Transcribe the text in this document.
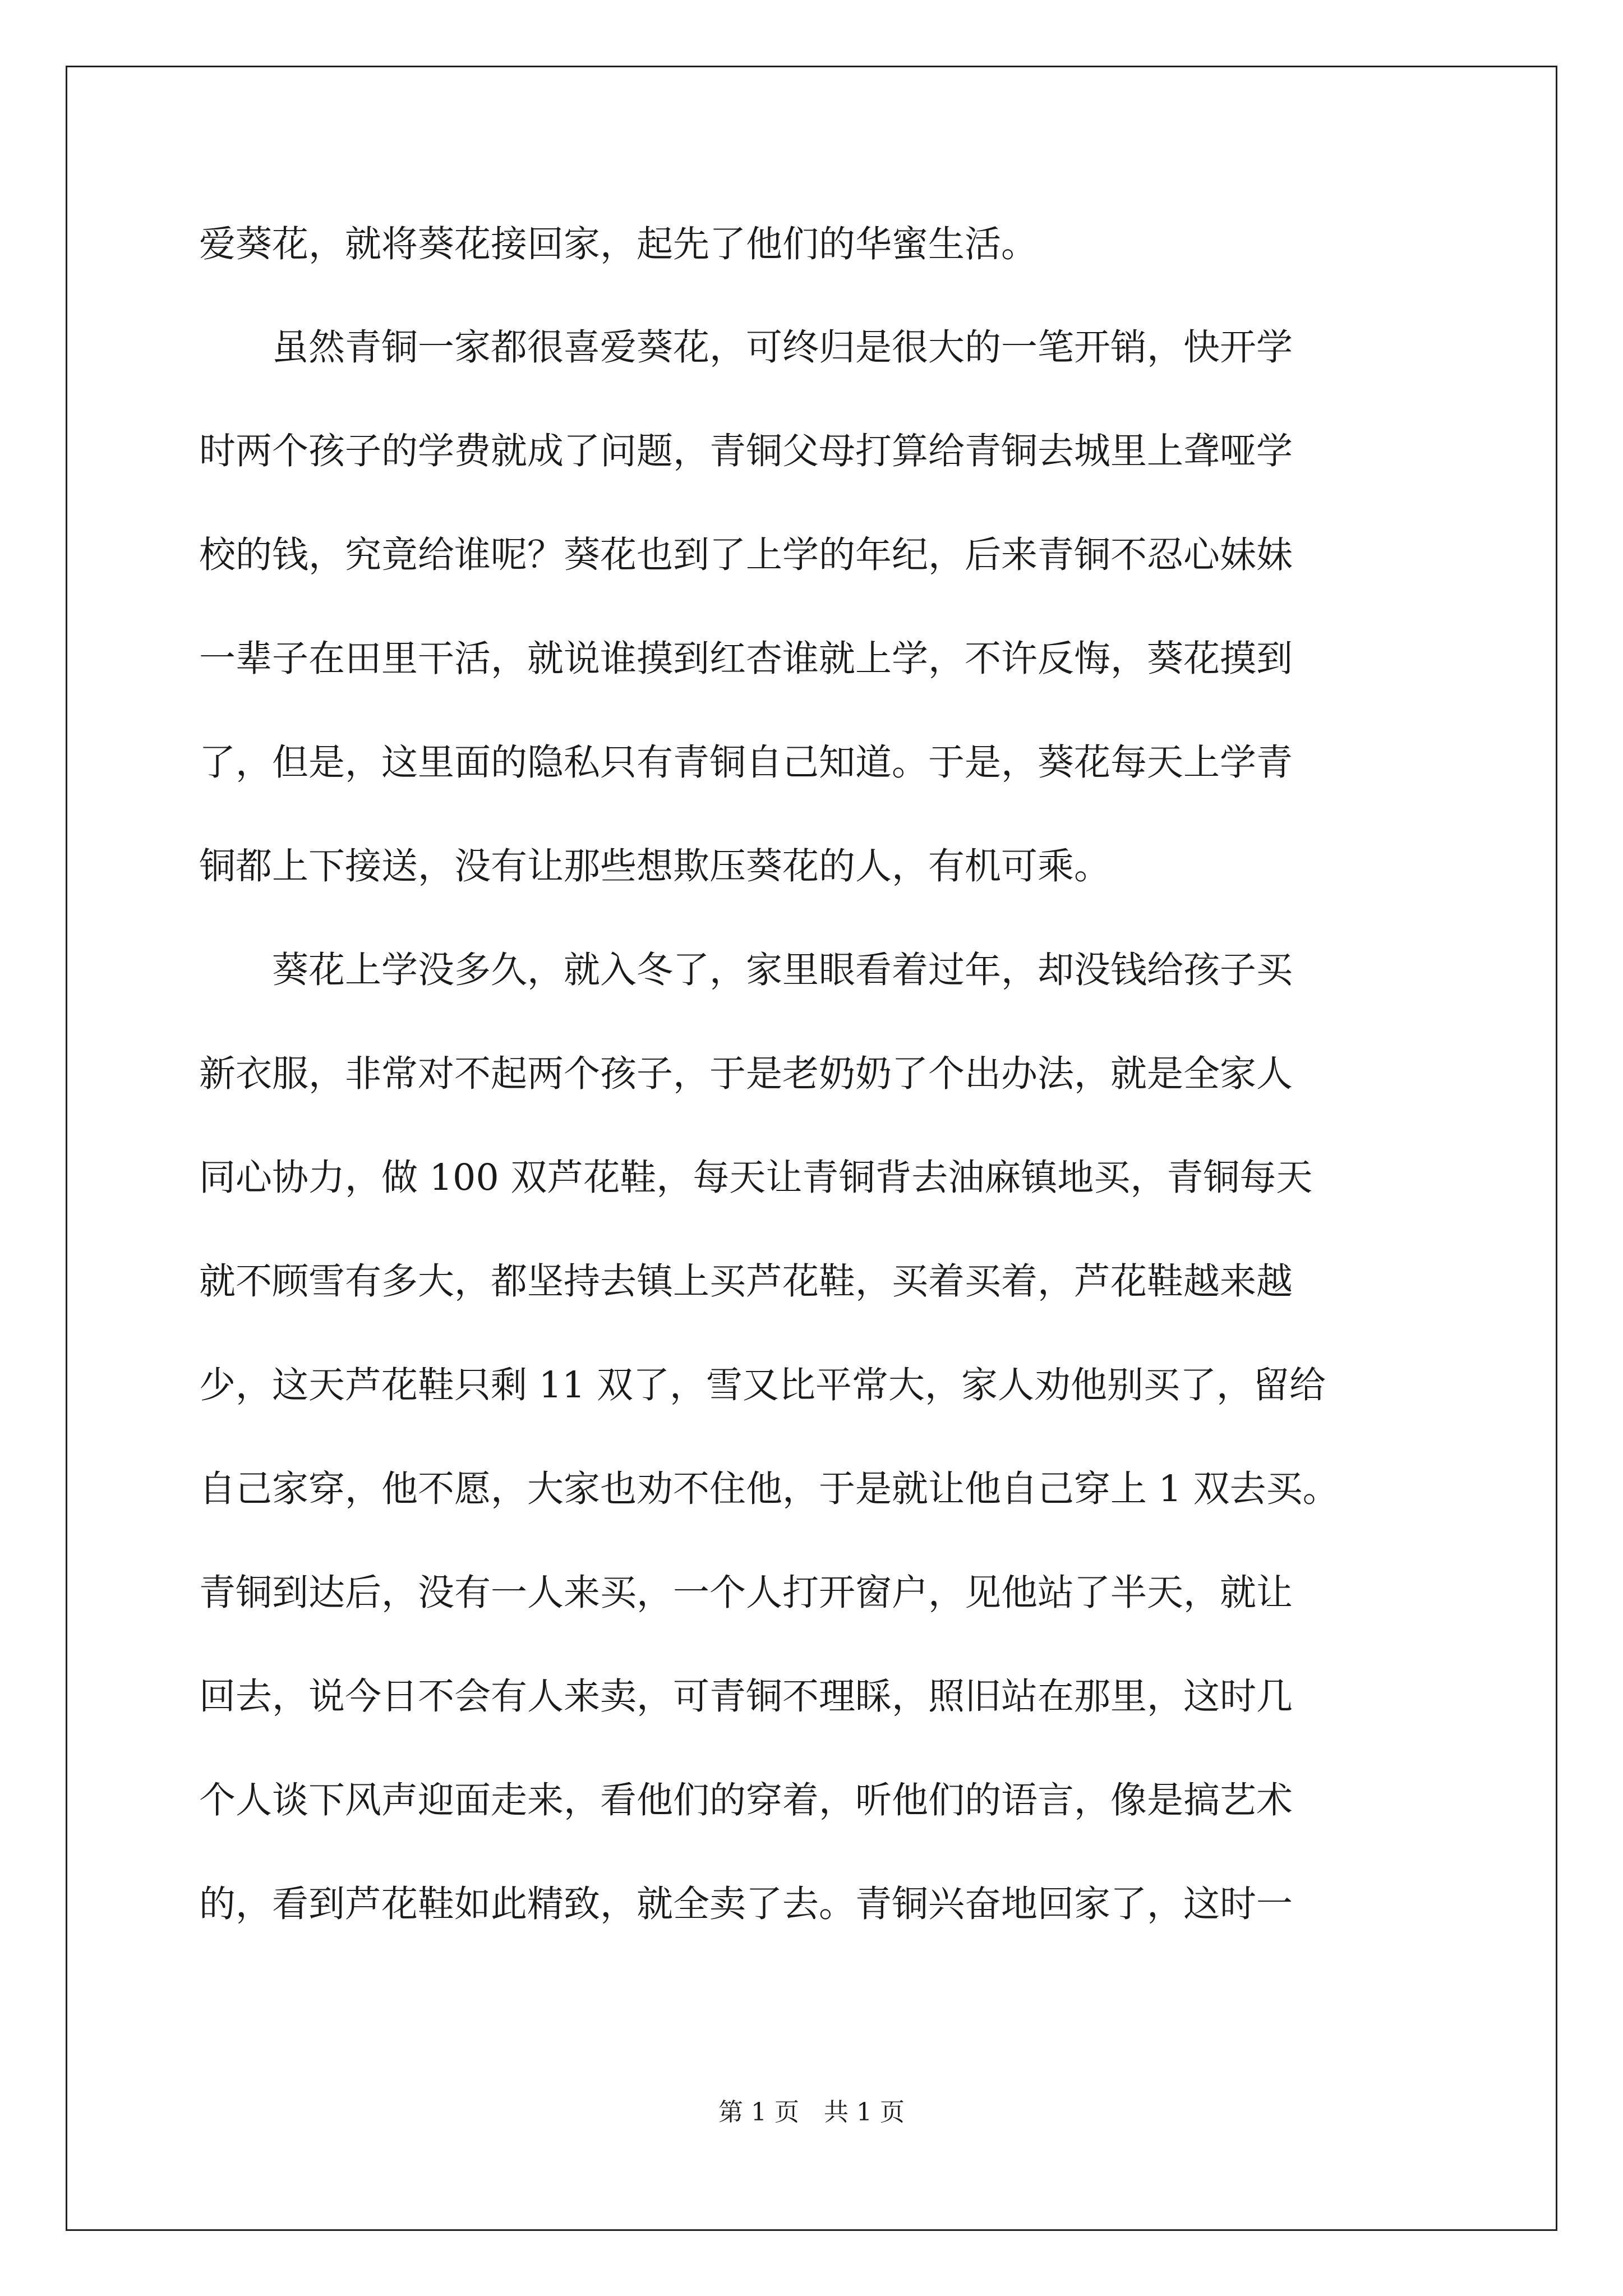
爱葵花，就将葵花接回家，起先了他们的华蜜生活。
　　虽然青铜一家都很喜爱葵花，可终归是很大的一笔开销，快开学
时两个孩子的学费就成了问题，青铜父母打算给青铜去城里上聋哑学
校的钱，究竟给谁呢？葵花也到了上学的年纪，后来青铜不忍心妹妹
一辈子在田里干活，就说谁摸到红杏谁就上学，不许反悔，葵花摸到
了，但是，这里面的隐私只有青铜自己知道。于是，葵花每天上学青
铜都上下接送，没有让那些想欺压葵花的人，有机可乘。
　　葵花上学没多久，就入冬了，家里眼看着过年，却没钱给孩子买
新衣服，非常对不起两个孩子，于是老奶奶了个出办法，就是全家人
同心协力，做 100 双芦花鞋，每天让青铜背去油麻镇地买，青铜每天
就不顾雪有多大，都坚持去镇上买芦花鞋，买着买着，芦花鞋越来越
少，这天芦花鞋只剩 11 双了，雪又比平常大，家人劝他别买了，留给
自己家穿，他不愿，大家也劝不住他，于是就让他自己穿上 1 双去买。
青铜到达后，没有一人来买，一个人打开窗户，见他站了半天，就让
回去，说今日不会有人来卖，可青铜不理睬，照旧站在那里，这时几
个人谈下风声迎面走来，看他们的穿着，听他们的语言，像是搞艺术
的，看到芦花鞋如此精致，就全卖了去。青铜兴奋地回家了，这时一
第 1 页　共 1 页
